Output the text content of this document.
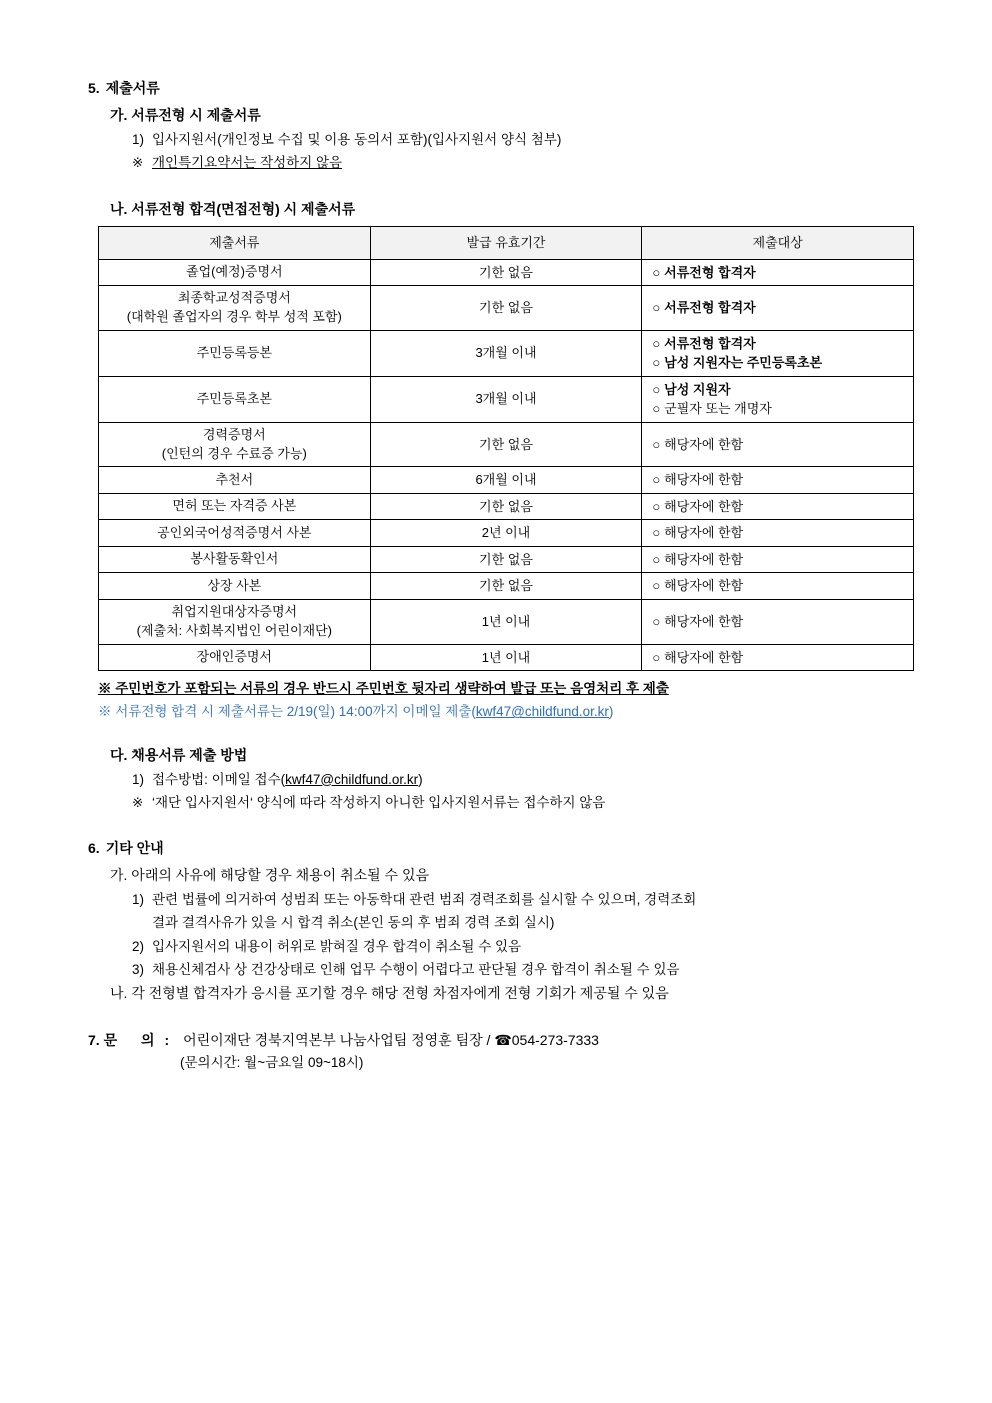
5. 제출서류
가. 서류전형 시 제출서류
1) 입사지원서(개인정보 수집 및 이용 동의서 포함)(입사지원서 양식 첨부)
※ 개인특기요약서는 작성하지 않음
나. 서류전형 합격(면접전형) 시 제출서류
제출서류	발급 유효기간	제출대상
졸업(예정)증명서	기한 없음	○ 서류전형 합격자

최종학교성적증명서
(대학원 졸업자의 경우 학부 성적 포함)	기한 없음	○ 서류전형 합격자

주민등록등본	3개월 이내	○ 서류전형 합격자
○ 남성 지원자는 주민등록초본

주민등록초본	3개월 이내	○ 남성 지원자
○ 군필자 또는 개명자

경력증명서
(인턴의 경우 수료증 가능)	기한 없음	○ 해당자에 한함

추천서	6개월 이내	○ 해당자에 한함

면허 또는 자격증 사본	기한 없음	○ 해당자에 한함

공인외국어성적증명서 사본	2년 이내	○ 해당자에 한함

봉사활동확인서	기한 없음	○ 해당자에 한함

상장 사본	기한 없음	○ 해당자에 한함

취업지원대상자증명서
(제출처: 사회복지법인 어린이재단)	1년 이내	○ 해당자에 한함

장애인증명서	1년 이내	○ 해당자에 한함
※ 주민번호가 포함되는 서류의 경우 반드시 주민번호 뒷자리 생략하여 발급 또는 음영처리 후 제출
※ 서류전형 합격 시 제출서류는 2/19(일) 14:00까지 이메일 제출(kwf47@childfund.or.kr)
다. 채용서류 제출 방법
1) 접수방법: 이메일 접수(kwf47@childfund.or.kr)
※ ‘재단 입사지원서‘ 양식에 따라 작성하지 아니한 입사지원서류는 접수하지 않음
6. 기타 안내
가. 아래의 사유에 해당할 경우 채용이 취소될 수 있음
1) 관련 법률에 의거하여 성범죄 또는 아동학대 관련 범죄 경력조회를 실시할 수 있으며, 경력조회
결과 결격사유가 있을 시 합격 취소(본인 동의 후 범죄 경력 조회 실시)
2) 입사지원서의 내용이 허위로 밝혀질 경우 합격이 취소될 수 있음
3) 채용신체검사 상 건강상태로 인해 업무 수행이 어렵다고 판단될 경우 합격이 취소될 수 있음
나. 각 전형별 합격자가 응시를 포기할 경우 해당 전형 차점자에게 전형 기회가 제공될 수 있음
7. 문 의: 어린이재단 경북지역본부 나눔사업팀 정영훈 팀장 / ☎054-273-7333
(문의시간: 월~금요일 09~18시)
